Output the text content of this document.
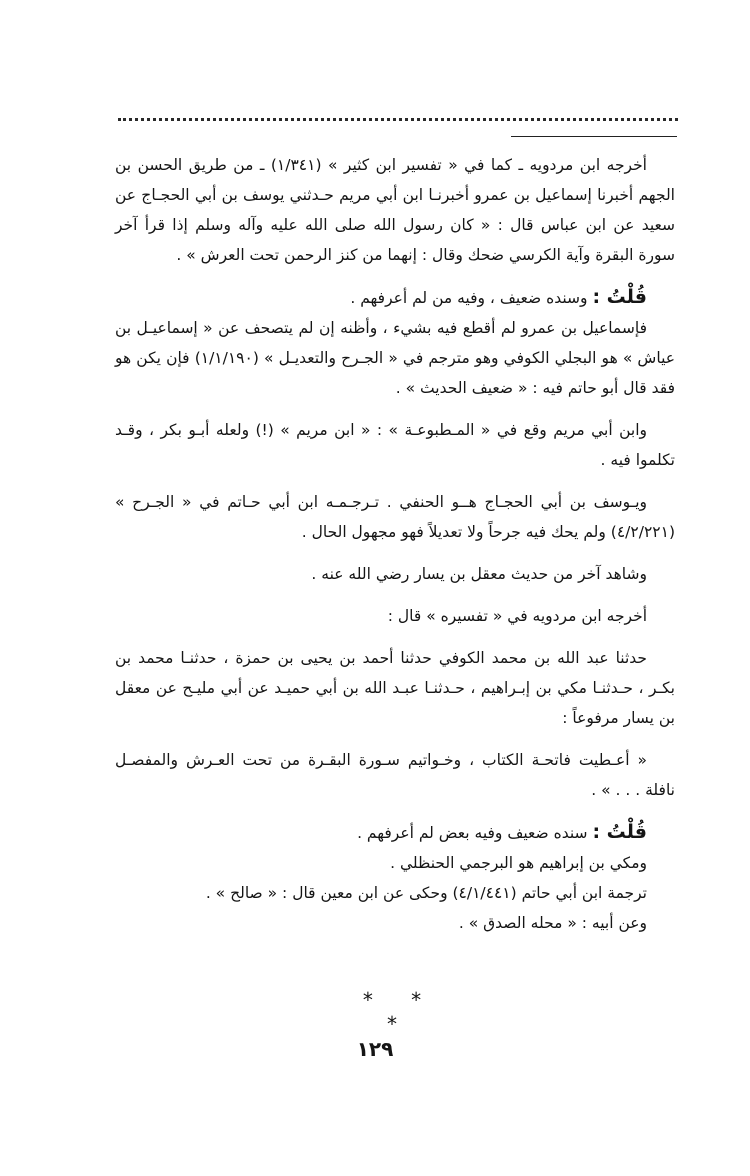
أخرجه ابن مردويه ـ كما في « تفسير ابن كثير » (١/٣٤١) ـ من طريق الحسن بن الجهم أخبرنا إسماعيل بن عمرو أخبرنـا ابن أبي مريم حـدثني يوسف بن أبي الحجـاج عن سعيد عن ابن عباس قال : « كان رسول الله صلى الله عليه وآله وسلم إذا قرأ آخر سورة البقرة وآية الكرسي ضحك وقال : إنهما من كنز الرحمن تحت العرش » .

قُلْتُ : وسنده ضعيف ، وفيه من لم أعرفهم .

فإسماعيل بن عمرو لم أقطع فيه بشيء ، وأظنه إن لم يتصحف عن « إسماعيـل بن عياش » هو البجلي الكوفي وهو مترجم في « الجـرح والتعديـل » (١/١/١٩٠) فإن يكن هو فقد قال أبو حاتم فيه : « ضعيف الحديث » .

وابن أبي مريم وقع في « المـطبوعـة » : « ابن مريم » (!) ولعله أبـو بكر ، وقـد تكلموا فيه .

ويـوسف بن أبي الحجـاج هــو الحنفي . تـرجـمـه ابن أبي حـاتم في « الجـرح » (٤/٢/٢٢١) ولم يحك فيه جرحاً ولا تعديلاً فهو مجهول الحال .

وشاهد آخر من حديث معقل بن يسار رضي الله عنه .

أخرجه ابن مردويه في « تفسيره » قال :

حدثنا عبد الله بن محمد الكوفي حدثنا أحمد بن يحيى بن حمزة ، حدثنـا محمد بن بكـر ، حـدثنـا مكي بن إبـراهيم ، حـدثنـا عبـد الله بن أبي حميـد عن أبي مليـح عن معقل بن يسار مرفوعاً :

« أعـطيت فاتحـة الكتاب ، وخـواتيم سـورة البقـرة من تحت العـرش والمفصـل نافلة . . . » .

قُلْتُ : سنده ضعيف وفيه بعض لم أعرفهم .

ومكي بن إبراهيم هو البرجمي الحنظلي .

ترجمة ابن أبي حاتم (٤/١/٤٤١) وحكى عن ابن معين قال : « صالح » .

وعن أبيه : « محله الصدق » .

* * *
١٢٩
